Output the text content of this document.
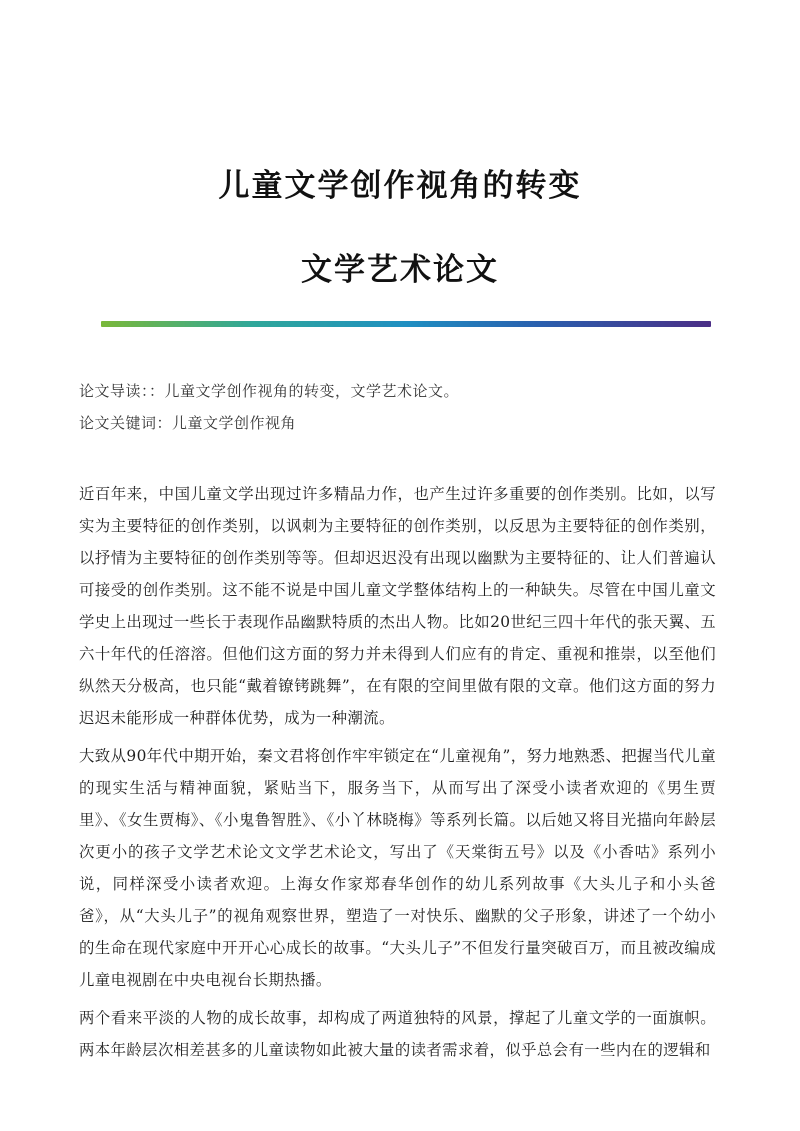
儿童文学创作视角的转变
文学艺术论文
论文导读：：儿童文学创作视角的转变，文学艺术论文。
论文关键词：儿童文学创作视角

近百年来，中国儿童文学出现过许多精品力作，也产生过许多重要的创作类别。比如，以写实为主要特征的创作类别，以讽刺为主要特征的创作类别，以反思为主要特征的创作类别，以抒情为主要特征的创作类别等等。但却迟迟没有出现以幽默为主要特征的、让人们普遍认可接受的创作类别。这不能不说是中国儿童文学整体结构上的一种缺失。尽管在中国儿童文学史上出现过一些长于表现作品幽默特质的杰出人物。比如20世纪三四十年代的张天翼、五六十年代的任溶溶。但他们这方面的努力并未得到人们应有的肯定、重视和推崇，以至他们纵然天分极高，也只能“戴着镣铐跳舞”，在有限的空间里做有限的文章。他们这方面的努力迟迟未能形成一种群体优势，成为一种潮流。

大致从90年代中期开始，秦文君将创作牢牢锁定在“儿童视角”，努力地熟悉、把握当代儿童的现实生活与精神面貌，紧贴当下，服务当下，从而写出了深受小读者欢迎的《男生贾里》、《女生贾梅》、《小鬼鲁智胜》、《小丫林晓梅》等系列长篇。以后她又将目光描向年龄层次更小的孩子文学艺术论文文学艺术论文，写出了《天棠街五号》以及《小香咕》系列小说，同样深受小读者欢迎。上海女作家郑春华创作的幼儿系列故事《大头儿子和小头爸爸》，从“大头儿子”的视角观察世界，塑造了一对快乐、幽默的父子形象，讲述了一个幼小的生命在现代家庭中开开心心成长的故事。“大头儿子”不但发行量突破百万，而且被改编成儿童电视剧在中央电视台长期热播。

两个看来平淡的人物的成长故事，却构成了两道独特的风景，撑起了儿童文学的一面旗帜。两本年龄层次相差甚多的儿童读物如此被大量的读者需求着，似乎总会有一些内在的逻辑和
